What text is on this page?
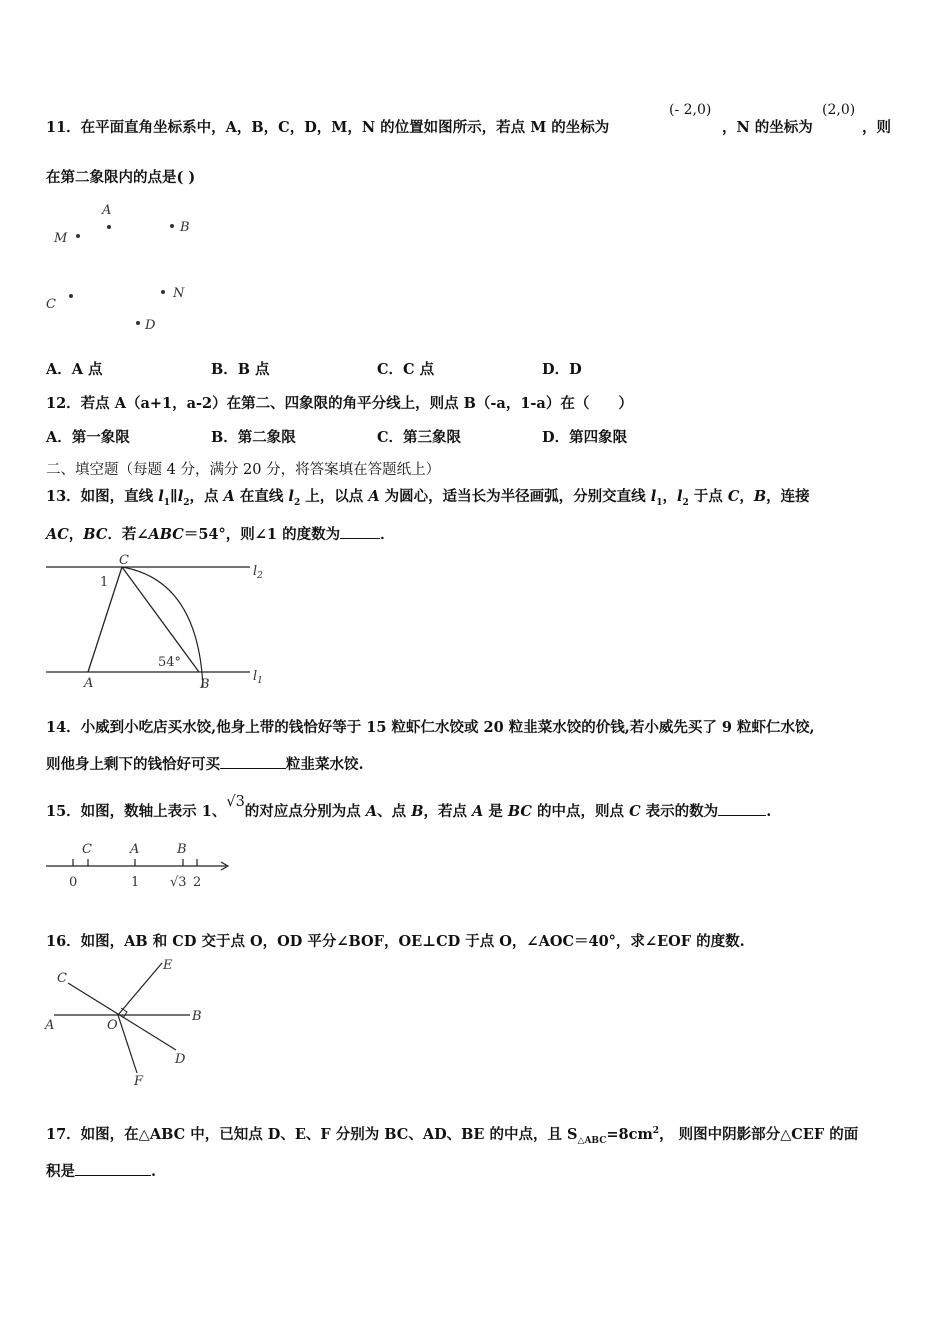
11．在平面直角坐标系中，A，B，C，D，M，N 的位置如图所示，若点 M 的坐标为
(- 2,0)
，N 的坐标为
(2,0)
，则
在第二象限内的点是( )
A
B
M
C
N
D
A．A 点	B．B 点	C．C 点	D．D
12．若点 A（a+1，a-2）在第二、四象限的角平分线上，则点 B（-a，1-a）在（　　）
A．第一象限	B．第二象限	C．第三象限	D．第四象限
二、填空题（每题 4 分，满分 20 分，将答案填在答题纸上）
13．如图，直线 $l_1\parallel l_2$，点 A 在直线 $l_2$ 上，以点 A 为圆心，适当长为半径画弧，分别交直线 $l_1$，$l_2$ 于点 C，B，连接
AC，BC．若∠ABC＝54°，则∠1 的度数为	．
C
1
$l_2$
54°
A	B
$l_1$
14．小威到小吃店买水饺,他身上带的钱恰好等于 15 粒虾仁水饺或 20 粒韭菜水饺的价钱,若小威先买了 9 粒虾仁水饺,
则他身上剩下的钱恰好可买	粒韭菜水饺.
15．如图，数轴上表示 1、√3的对应点分别为点 A、点 B，若点 A 是 BC 的中点，则点 C 表示的数为	.
C	A	B
0	1 √3 2
16．如图，AB 和 CD 交于点 O，OD 平分∠BOF，OE⊥CD 于点 O，∠AOC＝40°，求∠EOF 的度数.
C
E
A	O
B
D
F
17．如图，在△ABC 中，已知点 D、E、F 分别为 BC、AD、BE 的中点，且 $S_{\triangle ABC}=8cm^2$， 则图中阴影部分△CEF 的面
积是	.
